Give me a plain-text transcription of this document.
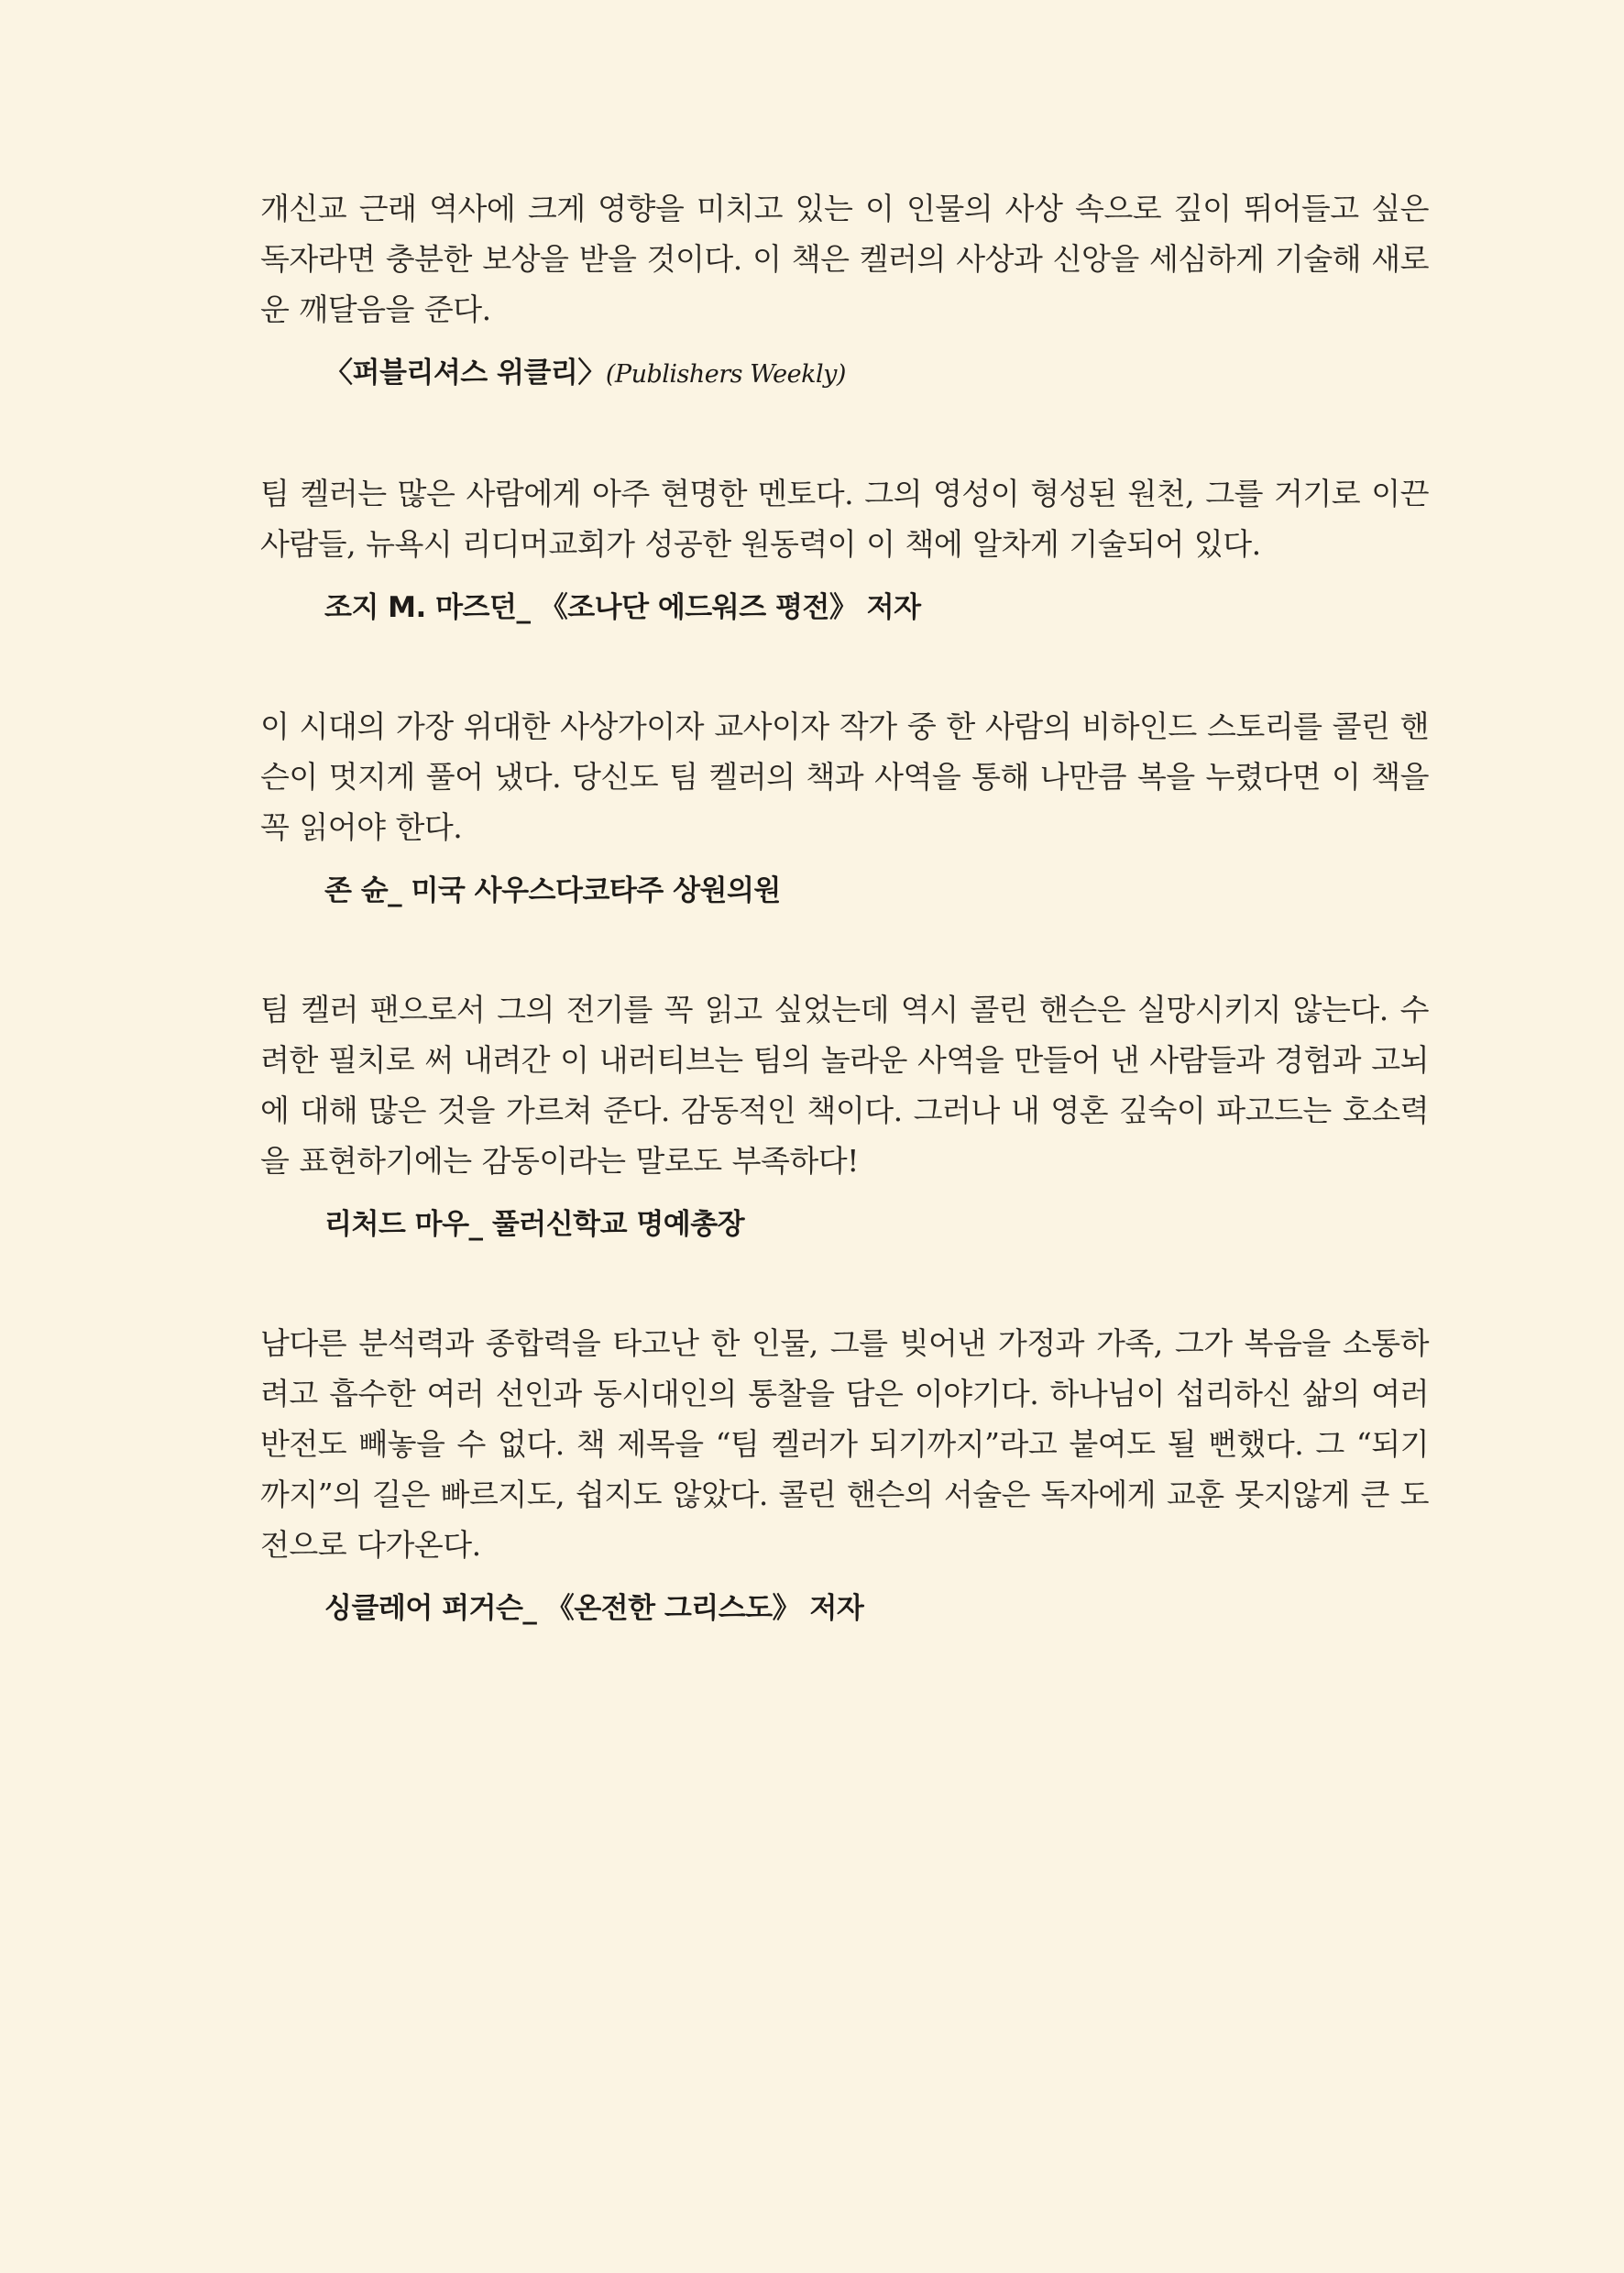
개신교 근래 역사에 크게 영향을 미치고 있는 이 인물의 사상 속으로 깊이 뛰어들고 싶은 독자라면 충분한 보상을 받을 것이다. 이 책은 켈러의 사상과 신앙을 세심하게 기술해 새로운 깨달음을 준다.

〈퍼블리셔스 위클리〉(Publishers Weekly)

팀 켈러는 많은 사람에게 아주 현명한 멘토다. 그의 영성이 형성된 원천, 그를 거기로 이끈 사람들, 뉴욕시 리디머교회가 성공한 원동력이 이 책에 알차게 기술되어 있다.

조지 M. 마즈던_ 《조나단 에드워즈 평전》 저자

이 시대의 가장 위대한 사상가이자 교사이자 작가 중 한 사람의 비하인드 스토리를 콜린 핸슨이 멋지게 풀어 냈다. 당신도 팀 켈러의 책과 사역을 통해 나만큼 복을 누렸다면 이 책을 꼭 읽어야 한다.

존 슌_ 미국 사우스다코타주 상원의원

팀 켈러 팬으로서 그의 전기를 꼭 읽고 싶었는데 역시 콜린 핸슨은 실망시키지 않는다. 수려한 필치로 써 내려간 이 내러티브는 팀의 놀라운 사역을 만들어 낸 사람들과 경험과 고뇌에 대해 많은 것을 가르쳐 준다. 감동적인 책이다. 그러나 내 영혼 깊숙이 파고드는 호소력을 표현하기에는 감동이라는 말로도 부족하다!

리처드 마우_ 풀러신학교 명예총장

남다른 분석력과 종합력을 타고난 한 인물, 그를 빚어낸 가정과 가족, 그가 복음을 소통하려고 흡수한 여러 선인과 동시대인의 통찰을 담은 이야기다. 하나님이 섭리하신 삶의 여러 반전도 빼놓을 수 없다. 책 제목을 “팀 켈러가 되기까지”라고 붙여도 될 뻔했다. 그 “되기까지”의 길은 빠르지도, 쉽지도 않았다. 콜린 핸슨의 서술은 독자에게 교훈 못지않게 큰 도전으로 다가온다.

싱클레어 퍼거슨_ 《온전한 그리스도》 저자
